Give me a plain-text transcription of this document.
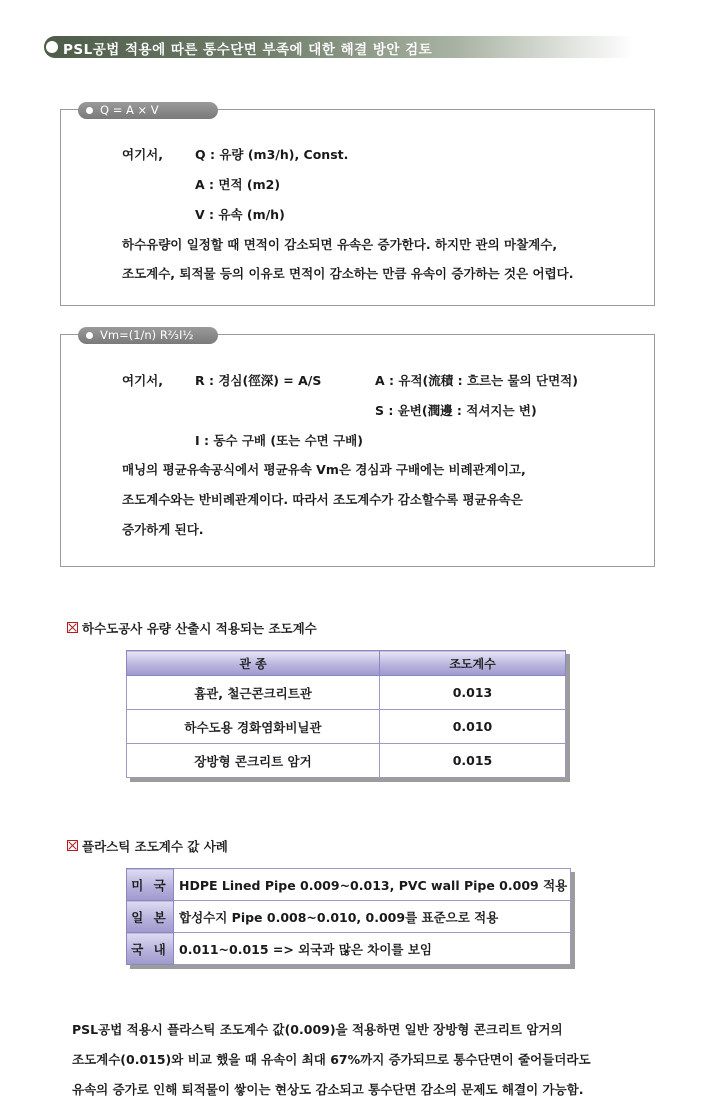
PSL공법 적용에 따른 통수단면 부족에 대한 해결 방안 검토
Q = A × V
여기서,	Q : 유량 (m3/h), Const.
A : 면적 (m2)
V : 유속 (m/h)
하수유량이 일정할 때 면적이 감소되면 유속은 증가한다. 하지만 관의 마찰계수,
조도계수, 퇴적물 등의 이유로 면적이 감소하는 만큼 유속이 증가하는 것은 어렵다.
Vm=(1/n) R⅔I½
여기서,	R : 경심(徑深) = A/S	A : 유적(流積 : 흐르는 물의 단면적)
S : 윤변(潤邊 : 적셔지는 변)
I : 동수 구배 (또는 수면 구배)
매닝의 평균유속공식에서 평균유속 Vm은 경심과 구배에는 비례관계이고,
조도계수와는 반비례관계이다. 따라서 조도계수가 감소할수록 평균유속은
증가하게 된다.
하수도공사 유량 산출시 적용되는 조도계수
관 종	조도계수
흄관, 철근콘크리트관	0.013
하수도용 경화염화비닐관	0.010
장방형 콘크리트 암거	0.015
플라스틱 조도계수 값 사례
미 국	HDPE Lined Pipe 0.009~0.013, PVC wall Pipe 0.009 적용
일 본	합성수지 Pipe 0.008~0.010, 0.009를 표준으로 적용
국 내	0.011~0.015 => 외국과 많은 차이를 보임
PSL공법 적용시 플라스틱 조도계수 값(0.009)을 적용하면 일반 장방형 콘크리트 암거의
조도계수(0.015)와 비교 했을 때 유속이 최대 67%까지 증가되므로 통수단면이 줄어들더라도
유속의 증가로 인해 퇴적물이 쌓이는 현상도 감소되고 통수단면 감소의 문제도 해결이 가능함.
